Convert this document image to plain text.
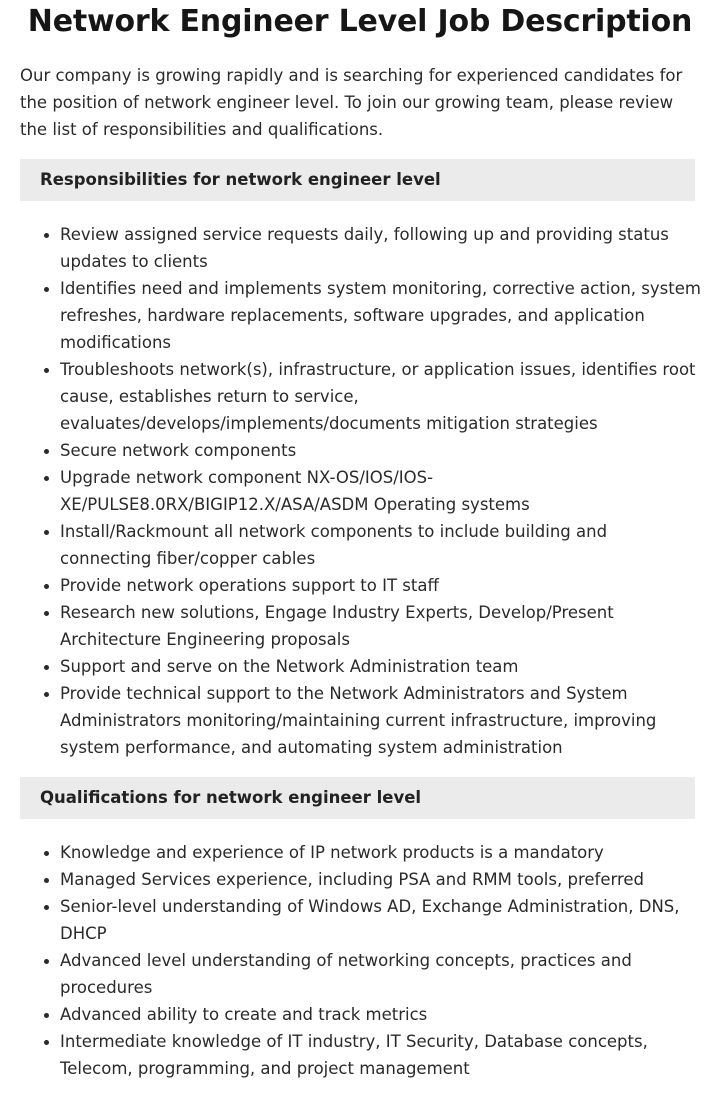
Network Engineer Level Job Description

Our company is growing rapidly and is searching for experienced candidates for the position of network engineer level. To join our growing team, please review the list of responsibilities and qualifications.

Responsibilities for network engineer level
• Review assigned service requests daily, following up and providing status updates to clients
• Identifies need and implements system monitoring, corrective action, system refreshes, hardware replacements, software upgrades, and application modifications
• Troubleshoots network(s), infrastructure, or application issues, identifies root cause, establishes return to service, evaluates/develops/implements/documents mitigation strategies
• Secure network components
• Upgrade network component NX-OS/IOS/IOS-XE/PULSE8.0RX/BIGIP12.X/ASA/ASDM Operating systems
• Install/Rackmount all network components to include building and connecting fiber/copper cables
• Provide network operations support to IT staff
• Research new solutions, Engage Industry Experts, Develop/Present Architecture Engineering proposals
• Support and serve on the Network Administration team
• Provide technical support to the Network Administrators and System Administrators monitoring/maintaining current infrastructure, improving system performance, and automating system administration
Qualifications for network engineer level
• Knowledge and experience of IP network products is a mandatory
• Managed Services experience, including PSA and RMM tools, preferred
• Senior-level understanding of Windows AD, Exchange Administration, DNS, DHCP
• Advanced level understanding of networking concepts, practices and procedures
• Advanced ability to create and track metrics
• Intermediate knowledge of IT industry, IT Security, Database concepts, Telecom, programming, and project management
